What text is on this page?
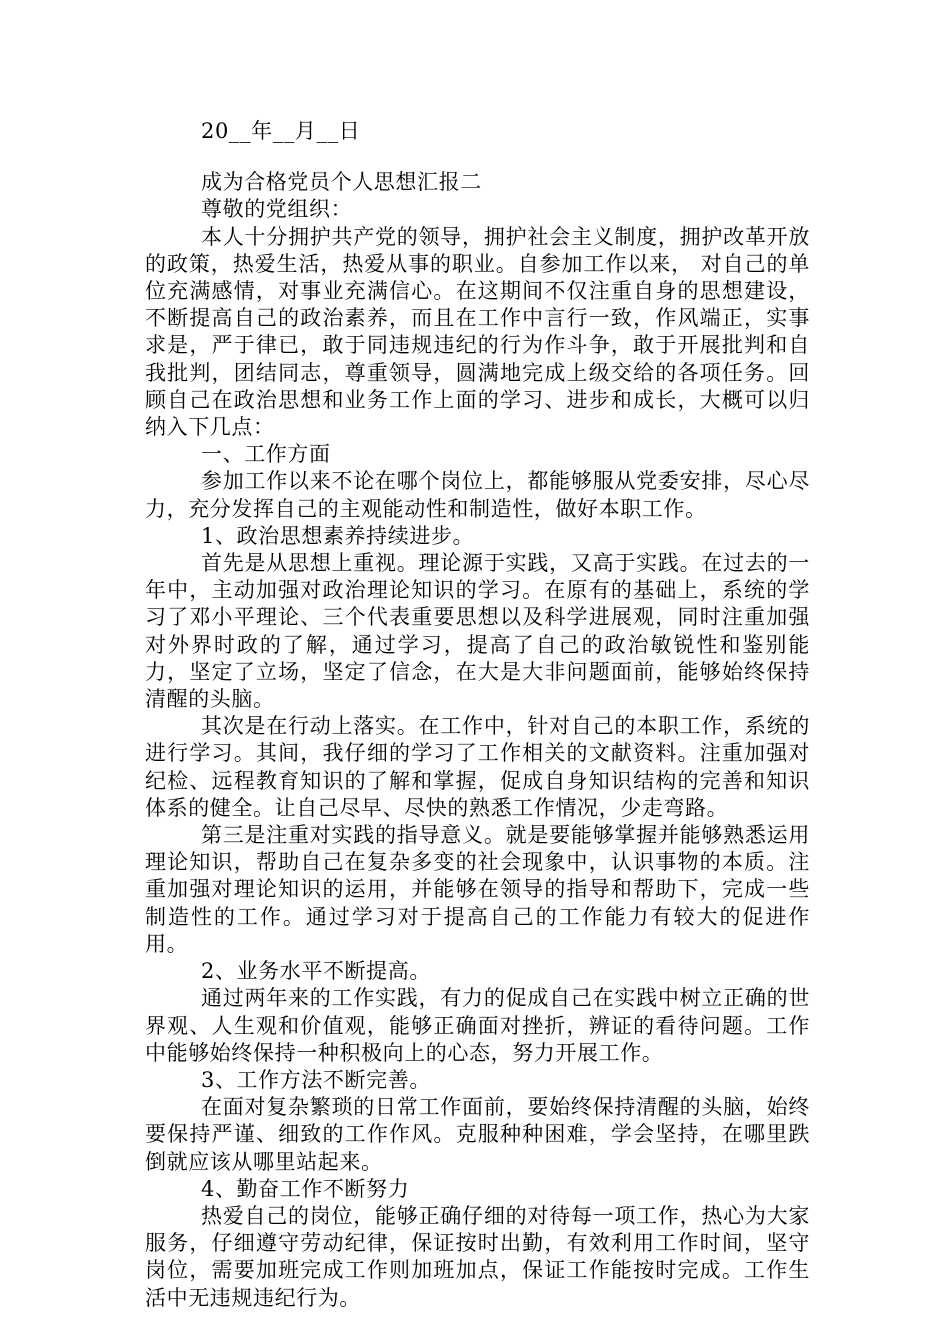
20__年__月__日
成为合格党员个人思想汇报二
尊敬的党组织：

本人十分拥护共产党的领导，拥护社会主义制度，拥护改革开放的政策，热爱生活，热爱从事的职业。自参加工作以来， 对自己的单位充满感情，对事业充满信心。在这期间不仅注重自身的思想建设，不断提高自己的政治素养，而且在工作中言行一致，作风端正，实事求是，严于律已，敢于同违规违纪的行为作斗争，敢于开展批判和自我批判，团结同志，尊重领导，圆满地完成上级交给的各项任务。回顾自己在政治思想和业务工作上面的学习、进步和成长，大概可以归纳入下几点：

一、工作方面

参加工作以来不论在哪个岗位上，都能够服从党委安排，尽心尽力，充分发挥自己的主观能动性和制造性，做好本职工作。

1、政治思想素养持续进步。

首先是从思想上重视。理论源于实践，又高于实践。在过去的一年中，主动加强对政治理论知识的学习。在原有的基础上，系统的学习了邓小平理论、三个代表重要思想以及科学进展观，同时注重加强对外界时政的了解，通过学习，提高了自己的政治敏锐性和鉴别能力，坚定了立场，坚定了信念，在大是大非问题面前，能够始终保持清醒的头脑。

其次是在行动上落实。在工作中，针对自己的本职工作，系统的进行学习。其间，我仔细的学习了工作相关的文献资料。注重加强对纪检、远程教育知识的了解和掌握，促成自身知识结构的完善和知识体系的健全。让自己尽早、尽快的熟悉工作情况，少走弯路。

第三是注重对实践的指导意义。就是要能够掌握并能够熟悉运用理论知识，帮助自己在复杂多变的社会现象中，认识事物的本质。注重加强对理论知识的运用，并能够在领导的指导和帮助下，完成一些制造性的工作。通过学习对于提高自己的工作能力有较大的促进作用。

2、业务水平不断提高。

通过两年来的工作实践，有力的促成自己在实践中树立正确的世界观、人生观和价值观，能够正确面对挫折，辨证的看待问题。工作中能够始终保持一种积极向上的心态，努力开展工作。

3、工作方法不断完善。

在面对复杂繁琐的日常工作面前，要始终保持清醒的头脑，始终要保持严谨、细致的工作作风。克服种种困难，学会坚持，在哪里跌倒就应该从哪里站起来。

4、勤奋工作不断努力

热爱自己的岗位，能够正确仔细的对待每一项工作，热心为大家服务，仔细遵守劳动纪律，保证按时出勤，有效利用工作时间，坚守岗位，需要加班完成工作则加班加点，保证工作能按时完成。工作生活中无违规违纪行为。
